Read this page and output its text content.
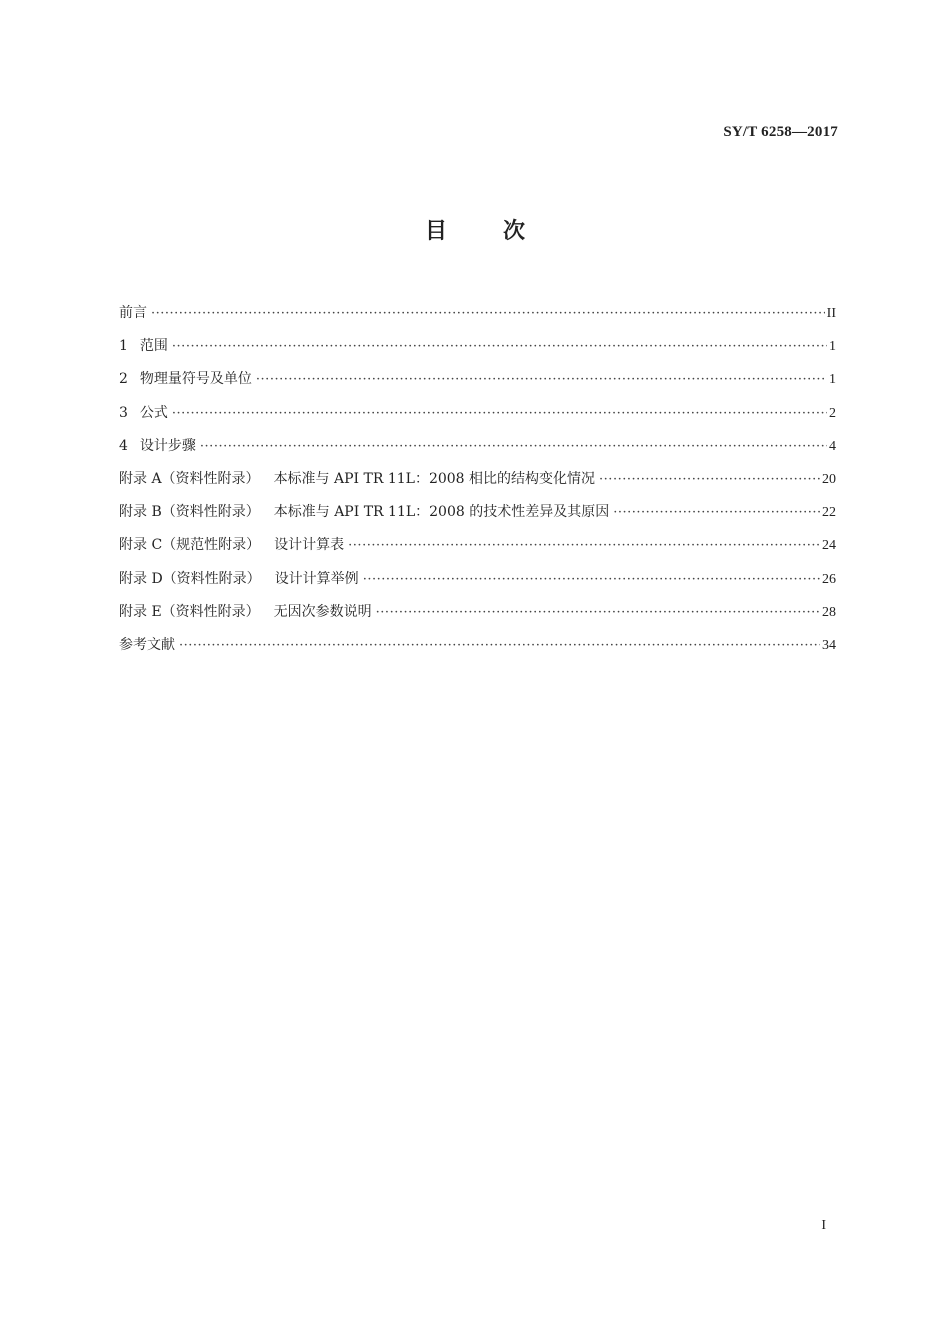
SY/T 6258—2017
目	次
前言 ·····	II
1 范围 ·····	1
2 物理量符号及单位 ·····	1
3 公式 ·····	2
4 设计步骤 ·····	4
附录 A（资料性附录） 本标准与 API TR 11L：2008 相比的结构变化情况 ·····	20
附录 B（资料性附录） 本标准与 API TR 11L：2008 的技术性差异及其原因 ·····	22
附录 C（规范性附录） 设计计算表 ·····	24
附录 D（资料性附录） 设计计算举例 ·····	26
附录 E（资料性附录） 无因次参数说明 ·····	28
参考文献 ·····	34
I
